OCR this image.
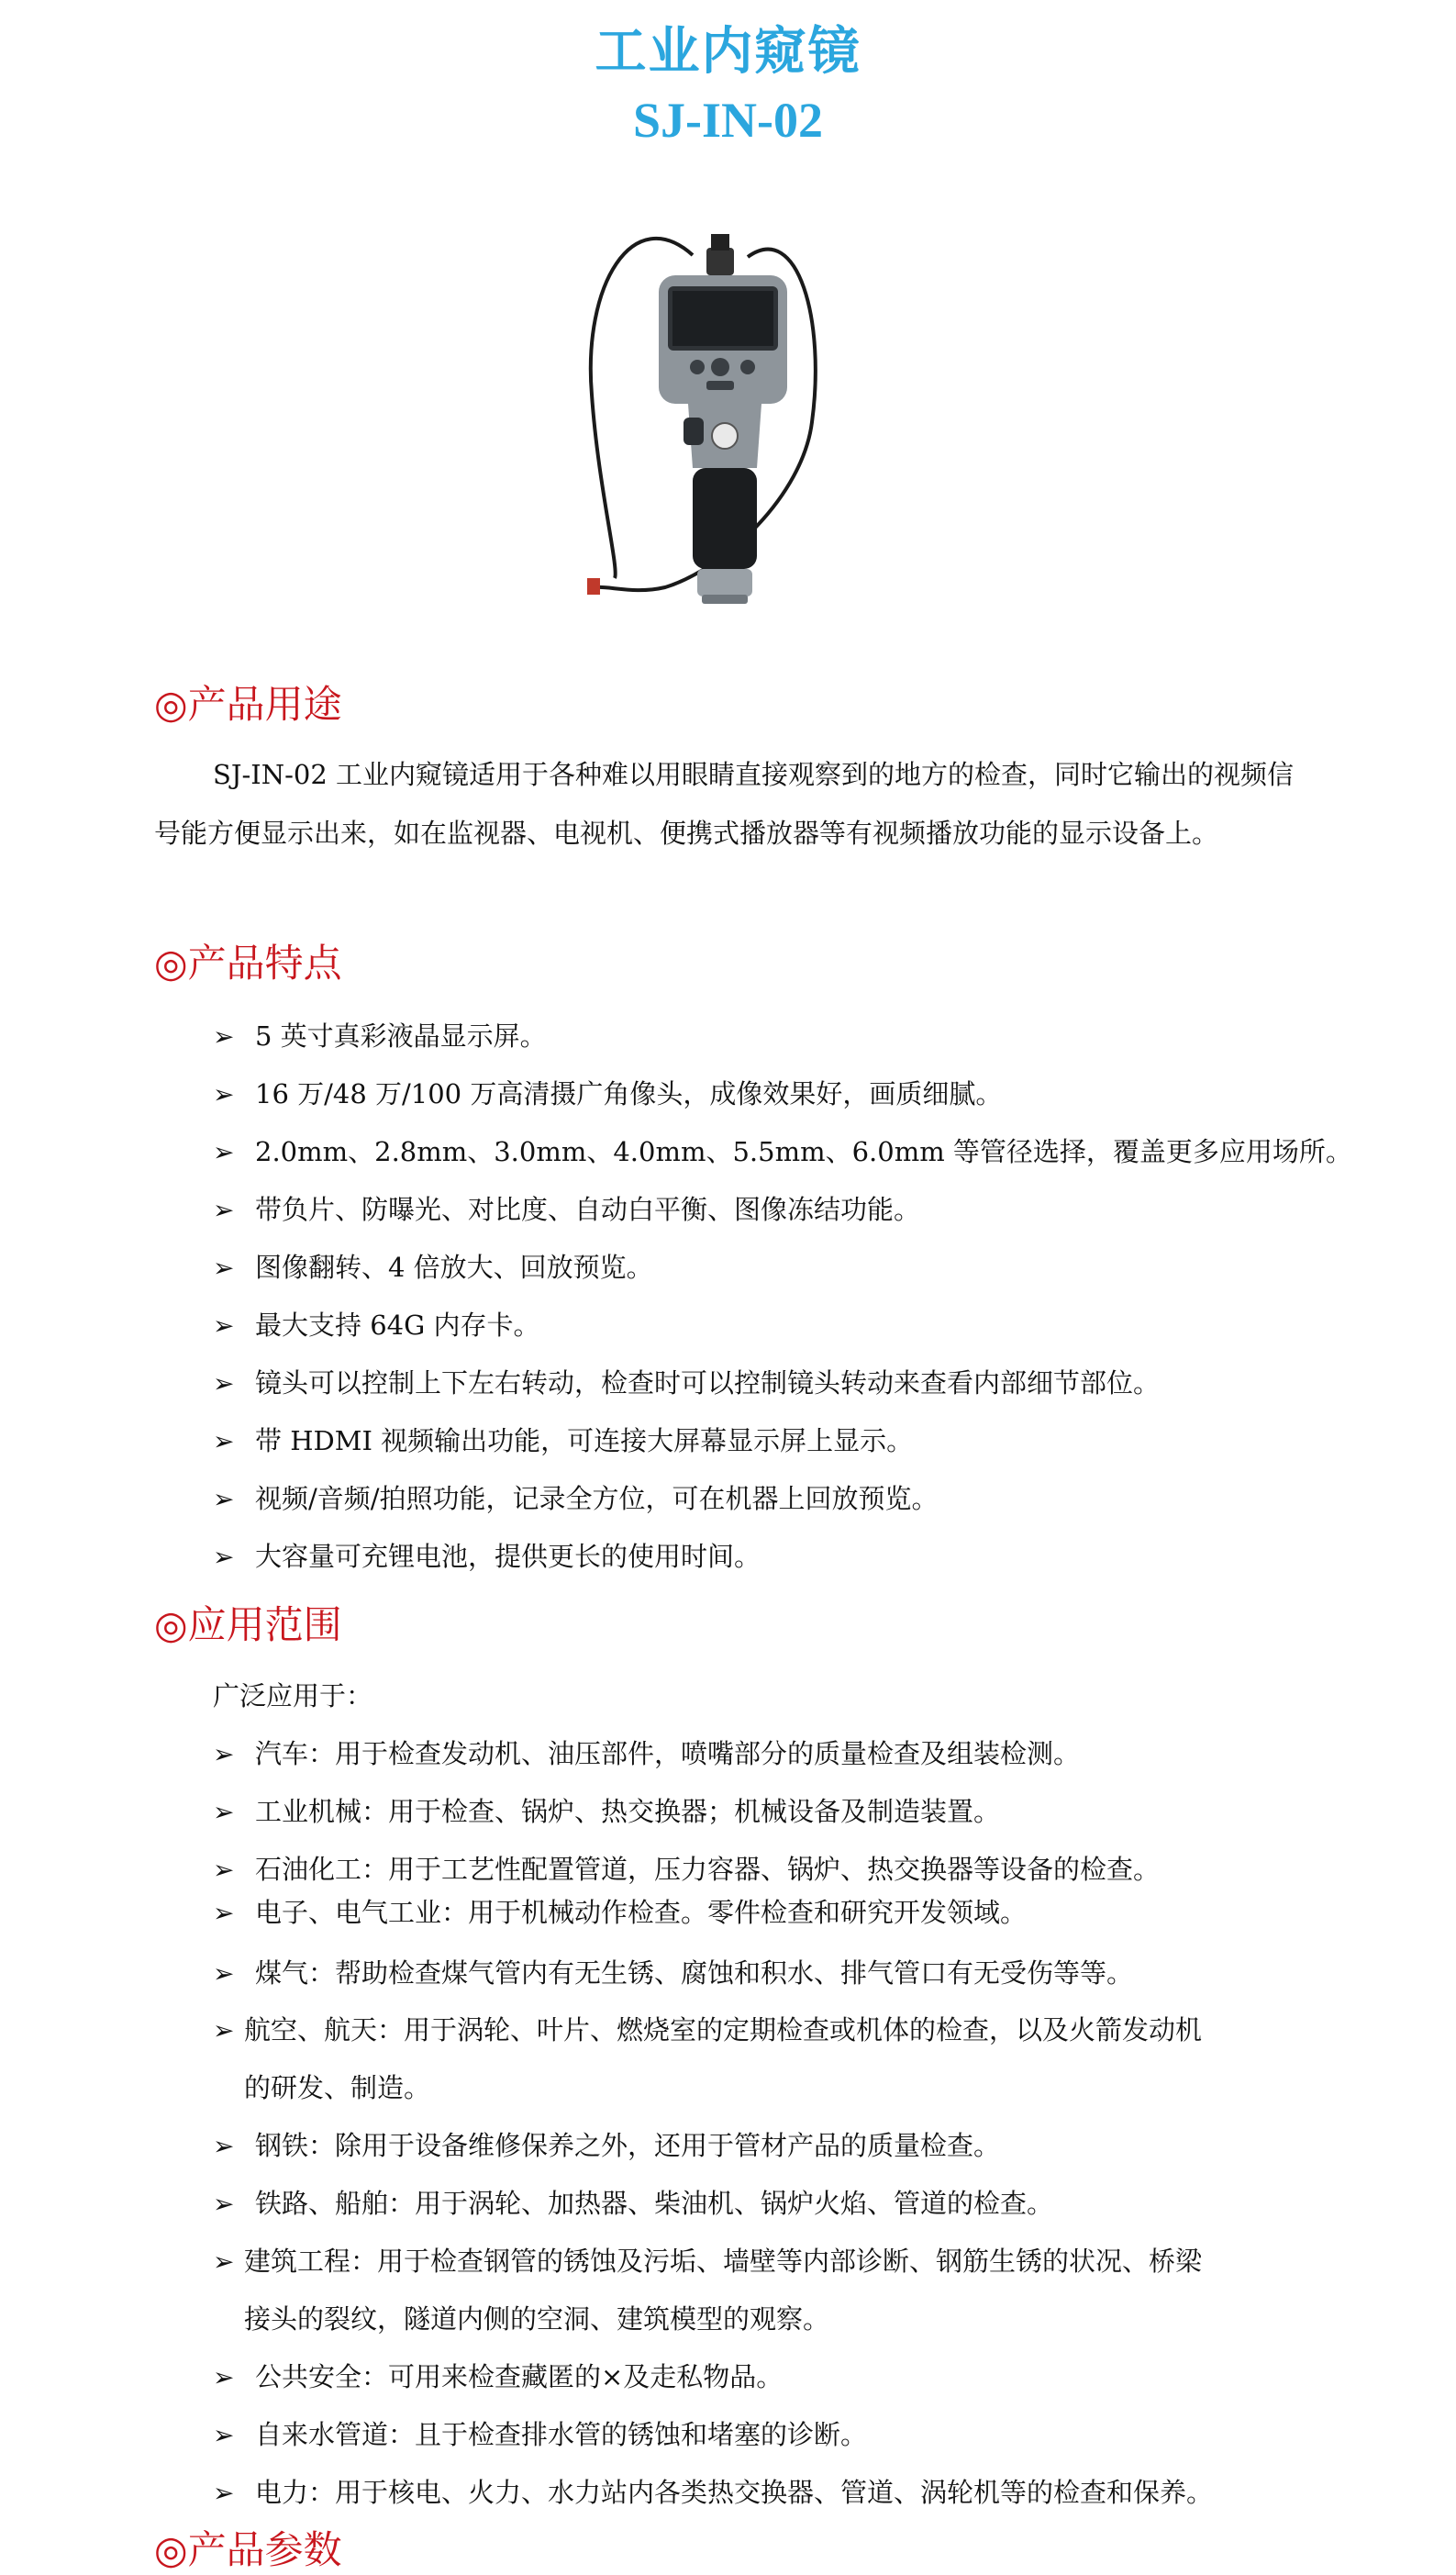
工业内窥镜
SJ-IN-02
◎产品用途
SJ-IN-02 工业内窥镜适用于各种难以用眼睛直接观察到的地方的检查，同时它输出的视频信号能方便显示出来，如在监视器、电视机、便携式播放器等有视频播放功能的显示设备上。
◎产品特点
➢ 5 英寸真彩液晶显示屏。
➢ 16 万/48 万/100 万高清摄广角像头，成像效果好，画质细腻。
➢ 2.0mm、2.8mm、3.0mm、4.0mm、5.5mm、6.0mm 等管径选择，覆盖更多应用场所。
➢ 带负片、防曝光、对比度、自动白平衡、图像冻结功能。
➢ 图像翻转、4 倍放大、回放预览。
➢ 最大支持 64G 内存卡。
➢ 镜头可以控制上下左右转动，检查时可以控制镜头转动来查看内部细节部位。
➢ 带 HDMI 视频输出功能，可连接大屏幕显示屏上显示。
➢ 视频/音频/拍照功能，记录全方位，可在机器上回放预览。
➢ 大容量可充锂电池，提供更长的使用时间。
◎应用范围
广泛应用于：
➢ 汽车：用于检查发动机、油压部件，喷嘴部分的质量检查及组装检测。
➢ 工业机械：用于检查、锅炉、热交换器；机械设备及制造装置。
➢ 石油化工：用于工艺性配置管道，压力容器、锅炉、热交换器等设备的检查。
➢ 电子、电气工业：用于机械动作检查。零件检查和研究开发领域。
➢ 煤气：帮助检查煤气管内有无生锈、腐蚀和积水、排气管口有无受伤等等。
➢ 航空、航天：用于涡轮、叶片、燃烧室的定期检查或机体的检查，以及火箭发动机
的研发、制造。
➢ 钢铁：除用于设备维修保养之外，还用于管材产品的质量检查。
➢ 铁路、船舶：用于涡轮、加热器、柴油机、锅炉火焰、管道的检查。
➢ 建筑工程：用于检查钢管的锈蚀及污垢、墙壁等内部诊断、钢筋生锈的状况、桥梁
接头的裂纹，隧道内侧的空洞、建筑模型的观察。
➢ 公共安全：可用来检查藏匿的×及走私物品。
➢ 自来水管道：且于检查排水管的锈蚀和堵塞的诊断。
➢ 电力：用于核电、火力、水力站内各类热交换器、管道、涡轮机等的检查和保养。
◎产品参数
